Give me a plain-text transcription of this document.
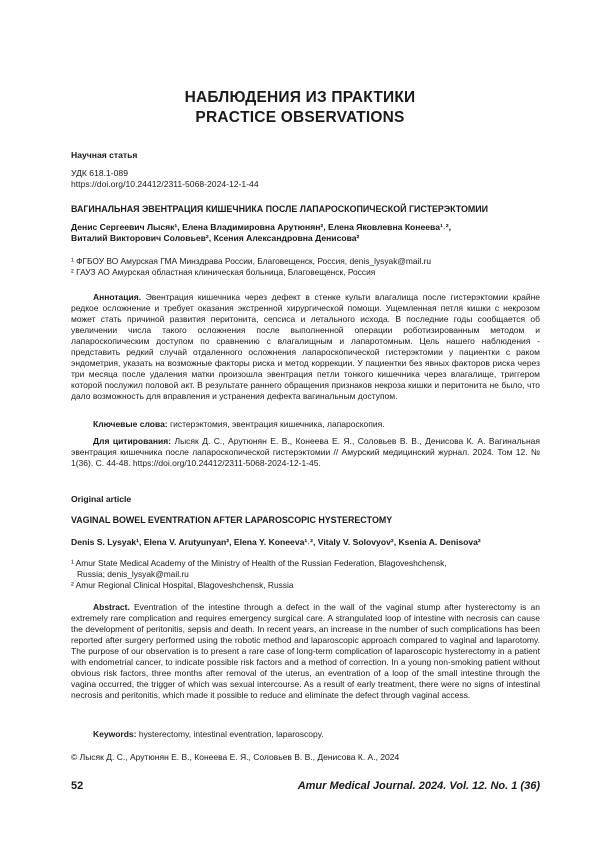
НАБЛЮДЕНИЯ ИЗ ПРАКТИКИ
PRACTICE OBSERVATIONS
Научная статья
УДК 618.1-089
https://doi.org/10.24412/2311-5068-2024-12-1-44
ВАГИНАЛЬНАЯ ЭВЕНТРАЦИЯ КИШЕЧНИКА ПОСЛЕ ЛАПАРОСКОПИЧЕСКОЙ ГИСТЕРЭКТОМИИ
Денис Сергеевич Лысяк¹, Елена Владимировна Арутюнян², Елена Яковлевна Конеева¹˒²,
Виталий Викторович Соловьев², Ксения Александровна Денисова²
¹ ФГБОУ ВО Амурская ГМА Минздрава России, Благовещенск, Россия, denis_lysyak@mail.ru
² ГАУЗ АО Амурская областная клиническая больница, Благовещенск, Россия

Аннотация. Эвентрация кишечника через дефект в стенке культи влагалища после гистерэктомии крайне редкое осложнение и требует оказания экстренной хирургической помощи. Ущемленная петля кишки с некрозом может стать причиной развития перитонита, сепсиса и летального исхода. В последние годы сообщается об увеличении числа такого осложнения после выполненной операции роботизированным методом и лапароскопическим доступом по сравнению с влагалищным и лапаротомным. Цель нашего наблюдения - представить редкий случай отдаленного осложнения лапароскопической гистерэктомии у пациентки с раком эндометрия, указать на возможные факторы риска и метод коррекции. У пациентки без явных факторов риска через три месяца после удаления матки произошла эвентрация петли тонкого кишечника через влагалище, триггером которой послужил половой акт. В результате раннего обращения признаков некроза кишки и перитонита не было, что дало возможность для вправления и устранения дефекта вагинальным доступом.

Ключевые слова: гистерэктомия, эвентрация кишечника, лапароскопия.

Для цитирования: Лысяк Д. С., Арутюнян Е. В., Конеева Е. Я., Соловьев В. В., Денисова К. А. Вагинальная эвентрация кишечника после лапароскопической гистерэктомии // Амурский медицинский журнал. 2024. Том 12. № 1(36). С. 44-48. https://doi.org/10.24412/2311-5068-2024-12-1-45.

Original article
VAGINAL BOWEL EVENTRATION AFTER LAPAROSCOPIC HYSTERECTOMY
Denis S. Lysyak¹, Elena V. Arutyunyan², Elena Y. Koneeva¹˒², Vitaly V. Solovyov², Ksenia A. Denisova²
¹ Amur State Medical Academy of the Ministry of Health of the Russian Federation, Blagoveshchensk,
Russia; denis_lysyak@mail.ru
² Amur Regional Clinical Hospital, Blagoveshchensk, Russia

Abstract. Eventration of the intestine through a defect in the wall of the vaginal stump after hysterectomy is an extremely rare complication and requires emergency surgical care. A strangulated loop of intestine with necrosis can cause the development of peritonitis, sepsis and death. In recent years, an increase in the number of such complications has been reported after surgery performed using the robotic method and laparoscopic approach compared to vaginal and laparotomy. The purpose of our observation is to present a rare case of long-term complication of laparoscopic hysterectomy in a patient with endometrial cancer, to indicate possible risk factors and a method of correction. In a young non-smoking patient without obvious risk factors, three months after removal of the uterus, an eventration of a loop of the small intestine through the vagina occurred, the trigger of which was sexual intercourse. As a result of early treatment, there were no signs of intestinal necrosis and peritonitis, which made it possible to reduce and eliminate the defect through vaginal access.

Keywords: hysterectomy, intestinal eventration, laparoscopy.

© Лысяк Д. С., Арутюнян Е. В., Конеева Е. Я., Соловьев В. В., Денисова К. А., 2024
52	Amur Medical Journal. 2024. Vol. 12. No. 1 (36)
